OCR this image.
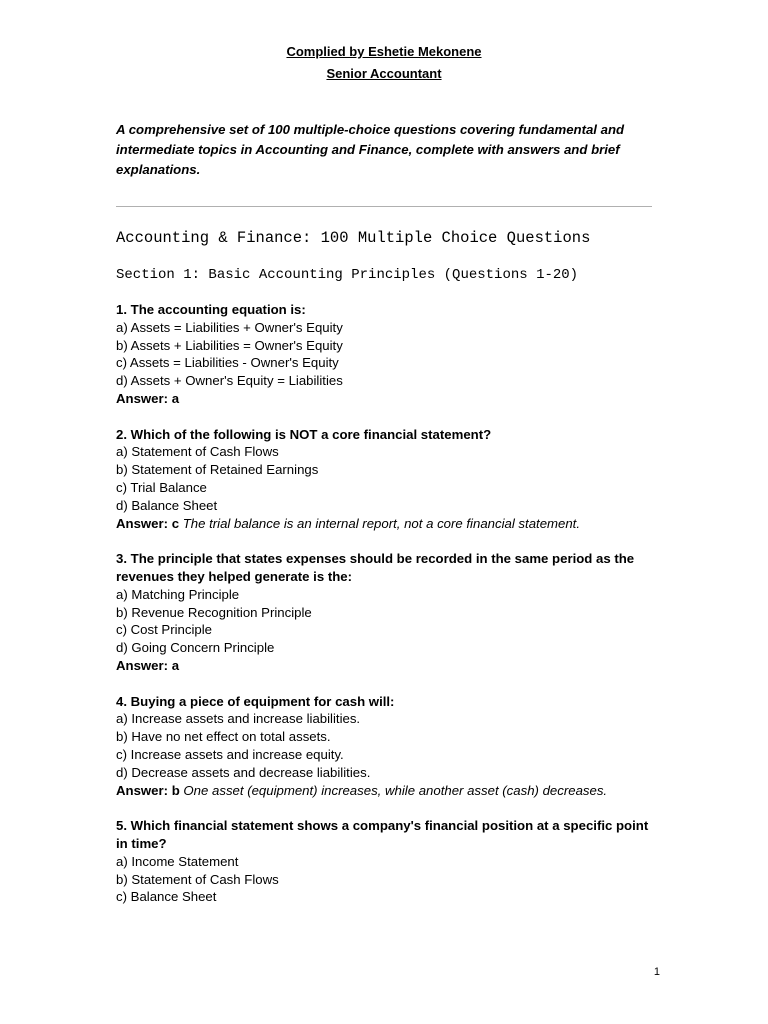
Complied by Eshetie Mekonene
Senior Accountant
A comprehensive set of 100 multiple-choice questions covering fundamental and intermediate topics in Accounting and Finance, complete with answers and brief explanations.
Accounting & Finance: 100 Multiple Choice Questions
Section 1: Basic Accounting Principles (Questions 1-20)
1. The accounting equation is:
a) Assets = Liabilities + Owner's Equity
b) Assets + Liabilities = Owner's Equity
c) Assets = Liabilities - Owner's Equity
d) Assets + Owner's Equity = Liabilities
Answer: a
2. Which of the following is NOT a core financial statement?
a) Statement of Cash Flows
b) Statement of Retained Earnings
c) Trial Balance
d) Balance Sheet
Answer: c The trial balance is an internal report, not a core financial statement.
3. The principle that states expenses should be recorded in the same period as the revenues they helped generate is the:
a) Matching Principle
b) Revenue Recognition Principle
c) Cost Principle
d) Going Concern Principle
Answer: a
4. Buying a piece of equipment for cash will:
a) Increase assets and increase liabilities.
b) Have no net effect on total assets.
c) Increase assets and increase equity.
d) Decrease assets and decrease liabilities.
Answer: b One asset (equipment) increases, while another asset (cash) decreases.
5. Which financial statement shows a company's financial position at a specific point in time?
a) Income Statement
b) Statement of Cash Flows
c) Balance Sheet
1
